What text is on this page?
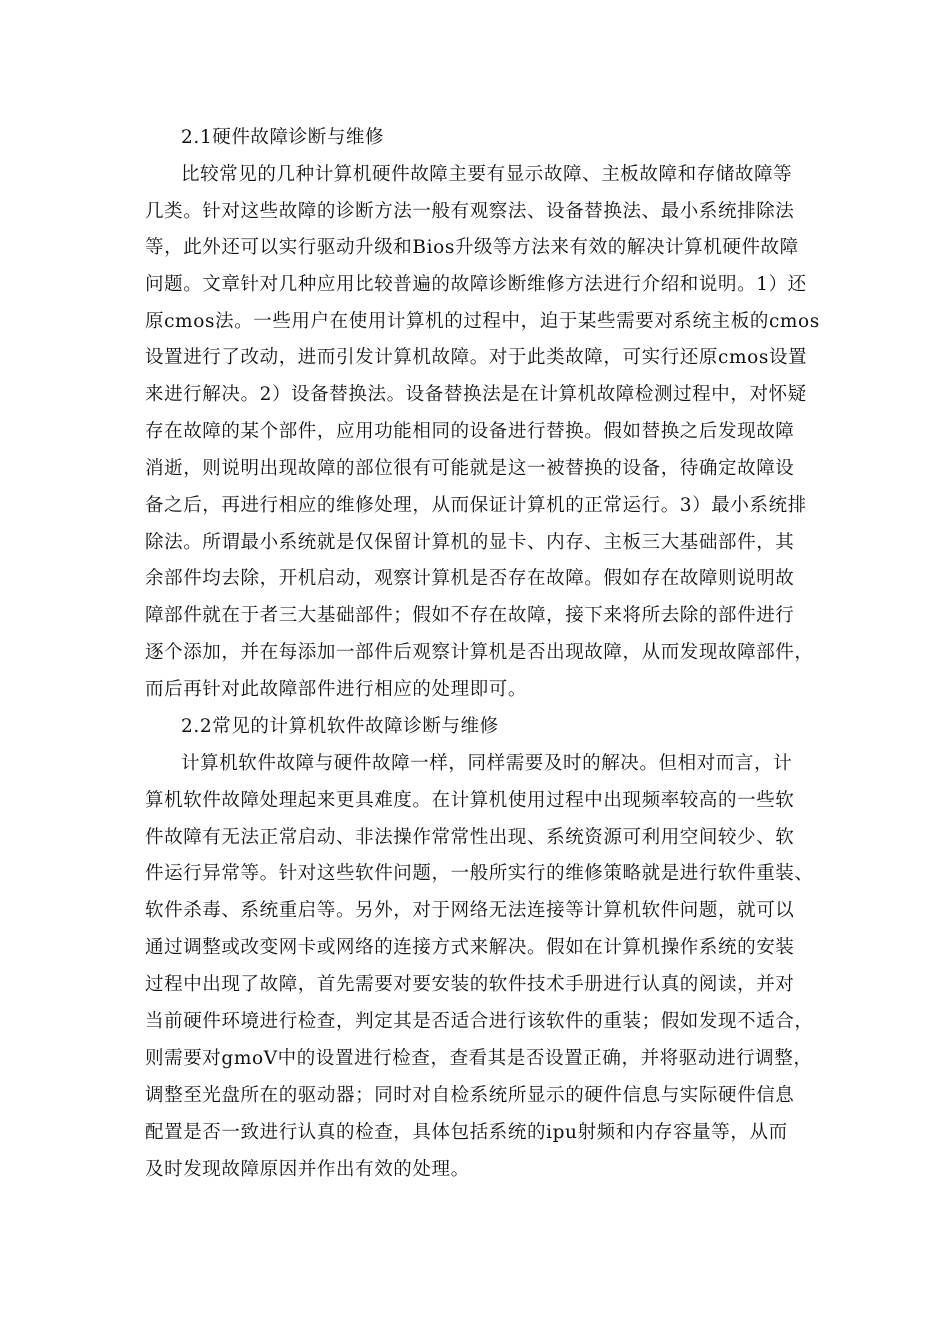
2.1硬件故障诊断与维修
比较常见的几种计算机硬件故障主要有显示故障、主板故障和存储故障等
几类。针对这些故障的诊断方法一般有观察法、设备替换法、最小系统排除法
等，此外还可以实行驱动升级和Bios升级等方法来有效的解决计算机硬件故障
问题。文章针对几种应用比较普遍的故障诊断维修方法进行介绍和说明。1）还
原cmos法。一些用户在使用计算机的过程中，迫于某些需要对系统主板的cmos
设置进行了改动，进而引发计算机故障。对于此类故障，可实行还原cmos设置
来进行解决。2）设备替换法。设备替换法是在计算机故障检测过程中，对怀疑
存在故障的某个部件，应用功能相同的设备进行替换。假如替换之后发现故障
消逝，则说明出现故障的部位很有可能就是这一被替换的设备，待确定故障设
备之后，再进行相应的维修处理，从而保证计算机的正常运行。3）最小系统排
除法。所谓最小系统就是仅保留计算机的显卡、内存、主板三大基础部件，其
余部件均去除，开机启动，观察计算机是否存在故障。假如存在故障则说明故
障部件就在于者三大基础部件；假如不存在故障，接下来将所去除的部件进行
逐个添加，并在每添加一部件后观察计算机是否出现故障，从而发现故障部件，
而后再针对此故障部件进行相应的处理即可。
2.2常见的计算机软件故障诊断与维修
计算机软件故障与硬件故障一样，同样需要及时的解决。但相对而言，计
算机软件故障处理起来更具难度。在计算机使用过程中出现频率较高的一些软
件故障有无法正常启动、非法操作常常性出现、系统资源可利用空间较少、软
件运行异常等。针对这些软件问题，一般所实行的维修策略就是进行软件重装、
软件杀毒、系统重启等。另外，对于网络无法连接等计算机软件问题，就可以
通过调整或改变网卡或网络的连接方式来解决。假如在计算机操作系统的安装
过程中出现了故障，首先需要对要安装的软件技术手册进行认真的阅读，并对
当前硬件环境进行检查，判定其是否适合进行该软件的重装；假如发现不适合，
则需要对gmoV中的设置进行检查，查看其是否设置正确，并将驱动进行调整，
调整至光盘所在的驱动器；同时对自检系统所显示的硬件信息与实际硬件信息
配置是否一致进行认真的检查，具体包括系统的ipu射频和内存容量等，从而
及时发现故障原因并作出有效的处理。
